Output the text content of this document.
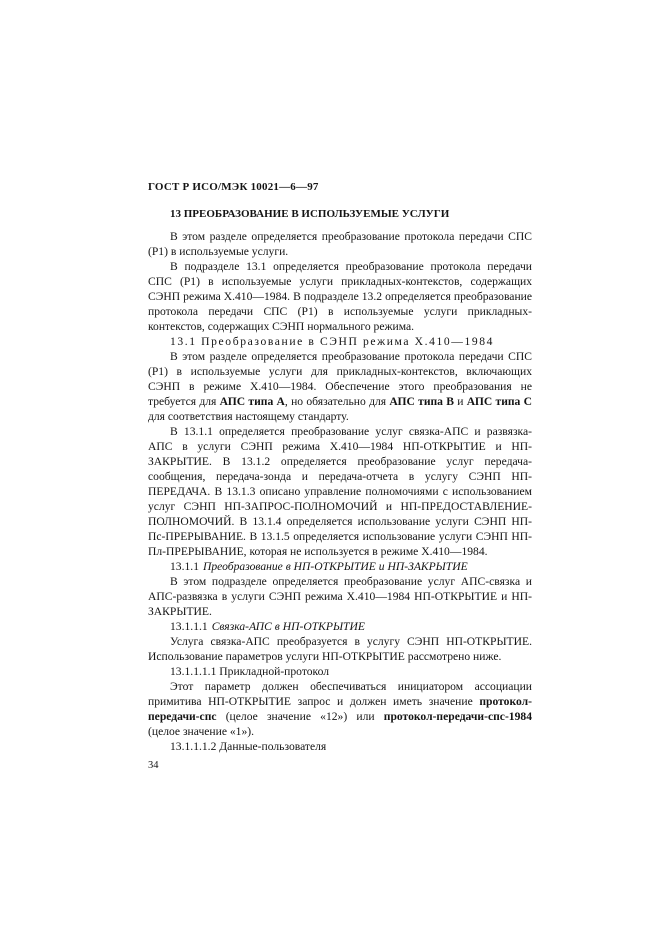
ГОСТ Р ИСО/МЭК 10021—6—97
13 ПРЕОБРАЗОВАНИЕ В ИСПОЛЬЗУЕМЫЕ УСЛУГИ

В этом разделе определяется преобразование протокола передачи СПС (Р1) в используемые услуги.

В подразделе 13.1 определяется преобразование протокола передачи СПС (Р1) в используемые услуги прикладных-контекстов, содержащих СЭНП режима Х.410—1984. В подразделе 13.2 определяется преобразование протокола передачи СПС (Р1) в используемые услуги прикладных-контекстов, содержащих СЭНП нормального режима.

13.1 Преобразование в СЭНП режима Х.410—1984

В этом разделе определяется преобразование протокола передачи СПС (Р1) в используемые услуги для прикладных-контекстов, включающих СЭНП в режиме Х.410—1984. Обеспечение этого преобразования не требуется для АПС типа А, но обязательно для АПС типа В и АПС типа С для соответствия настоящему стандарту.

В 13.1.1 определяется преобразование услуг связка-АПС и развязка-АПС в услуги СЭНП режима Х.410—1984 НП-ОТКРЫТИЕ и НП-ЗАКРЫТИЕ. В 13.1.2 определяется преобразование услуг передача-сообщения, передача-зонда и передача-отчета в услугу СЭНП НП-ПЕРЕДАЧА. В 13.1.3 описано управление полномочиями с использованием услуг СЭНП НП-ЗАПРОС-ПОЛНОМОЧИЙ и НП-ПРЕДОСТАВЛЕНИЕ-ПОЛНОМОЧИЙ. В 13.1.4 определяется использование услуги СЭНП НП-Пс-ПРЕРЫВАНИЕ. В 13.1.5 определяется использование услуги СЭНП НП-Пл-ПРЕРЫВАНИЕ, которая не используется в режиме Х.410—1984.

13.1.1 Преобразование в НП-ОТКРЫТИЕ и НП-ЗАКРЫТИЕ

В этом подразделе определяется преобразование услуг АПС-связка и АПС-развязка в услуги СЭНП режима Х.410—1984 НП-ОТКРЫТИЕ и НП-ЗАКРЫТИЕ.

13.1.1.1 Связка-АПС в НП-ОТКРЫТИЕ

Услуга связка-АПС преобразуется в услугу СЭНП НП-ОТКРЫТИЕ. Использование параметров услуги НП-ОТКРЫТИЕ рассмотрено ниже.

13.1.1.1.1 Прикладной-протокол

Этот параметр должен обеспечиваться инициатором ассоциации примитива НП-ОТКРЫТИЕ запрос и должен иметь значение протокол-передачи-спс (целое значение «12») или протокол-передачи-спс-1984 (целое значение «1»).

13.1.1.1.2 Данные-пользователя

34
